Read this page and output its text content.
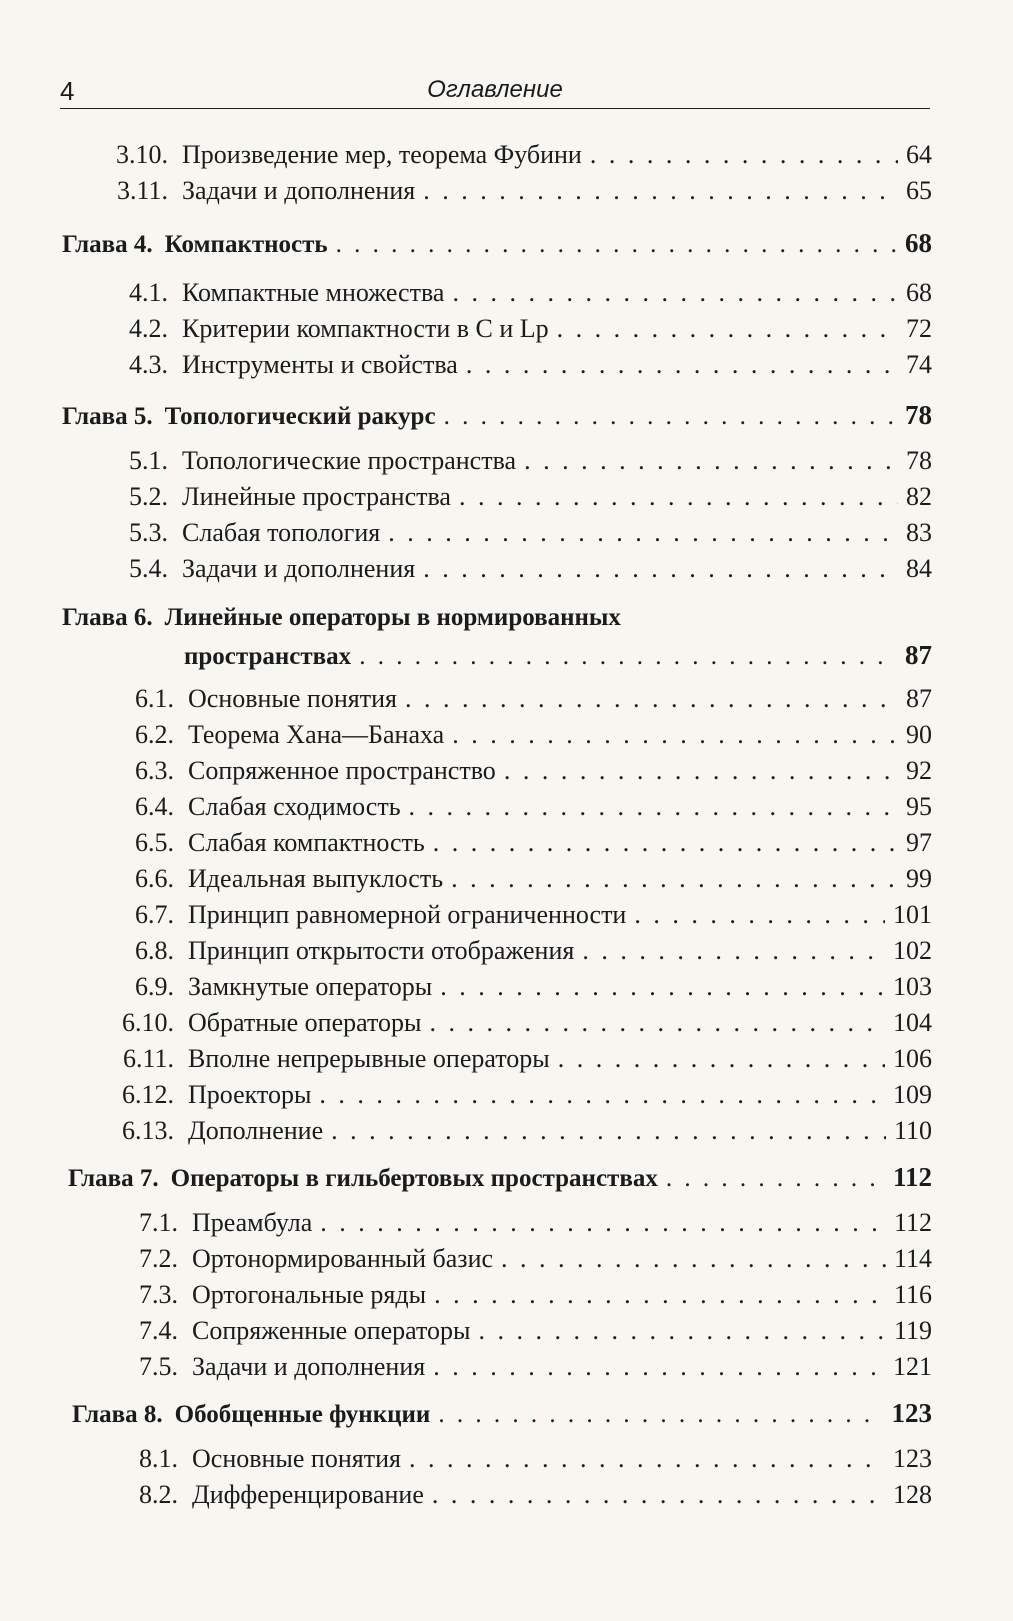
4	Оглавление
3.10. Произведение мер, теорема Фубини . . .	64
3.11. Задачи и дополнения . . .	65
Глава 4. Компактность . . .	68
4.1. Компактные множества . . .	68
4.2. Критерии компактности в C и Lp . . .	72
4.3. Инструменты и свойства . . .	74
Глава 5. Топологический ракурс . . .	78
5.1. Топологические пространства . . .	78
5.2. Линейные пространства . . .	82
5.3. Слабая топология . . .	83
5.4. Задачи и дополнения . . .	84
Глава 6. Линейные операторы в нормированных
пространствах . . .	87
6.1. Основные понятия . . .	87
6.2. Теорема Хана—Банаха . . .	90
6.3. Сопряженное пространство . . .	92
6.4. Слабая сходимость . . .	95
6.5. Слабая компактность . . .	97
6.6. Идеальная выпуклость . . .	99
6.7. Принцип равномерной ограниченности . . .	101
6.8. Принцип открытости отображения . . .	102
6.9. Замкнутые операторы . . .	103
6.10. Обратные операторы . . .	104
6.11. Вполне непрерывные операторы . . .	106
6.12. Проекторы . . .	109
6.13. Дополнение . . .	110
Глава 7. Операторы в гильбертовых пространствах . . .	112
7.1. Преамбула . . .	112
7.2. Ортонормированный базис . . .	114
7.3. Ортогональные ряды . . .	116
7.4. Сопряженные операторы . . .	119
7.5. Задачи и дополнения . . .	121
Глава 8. Обобщенные функции . . .	123
8.1. Основные понятия . . .	123
8.2. Дифференцирование . . .	128
